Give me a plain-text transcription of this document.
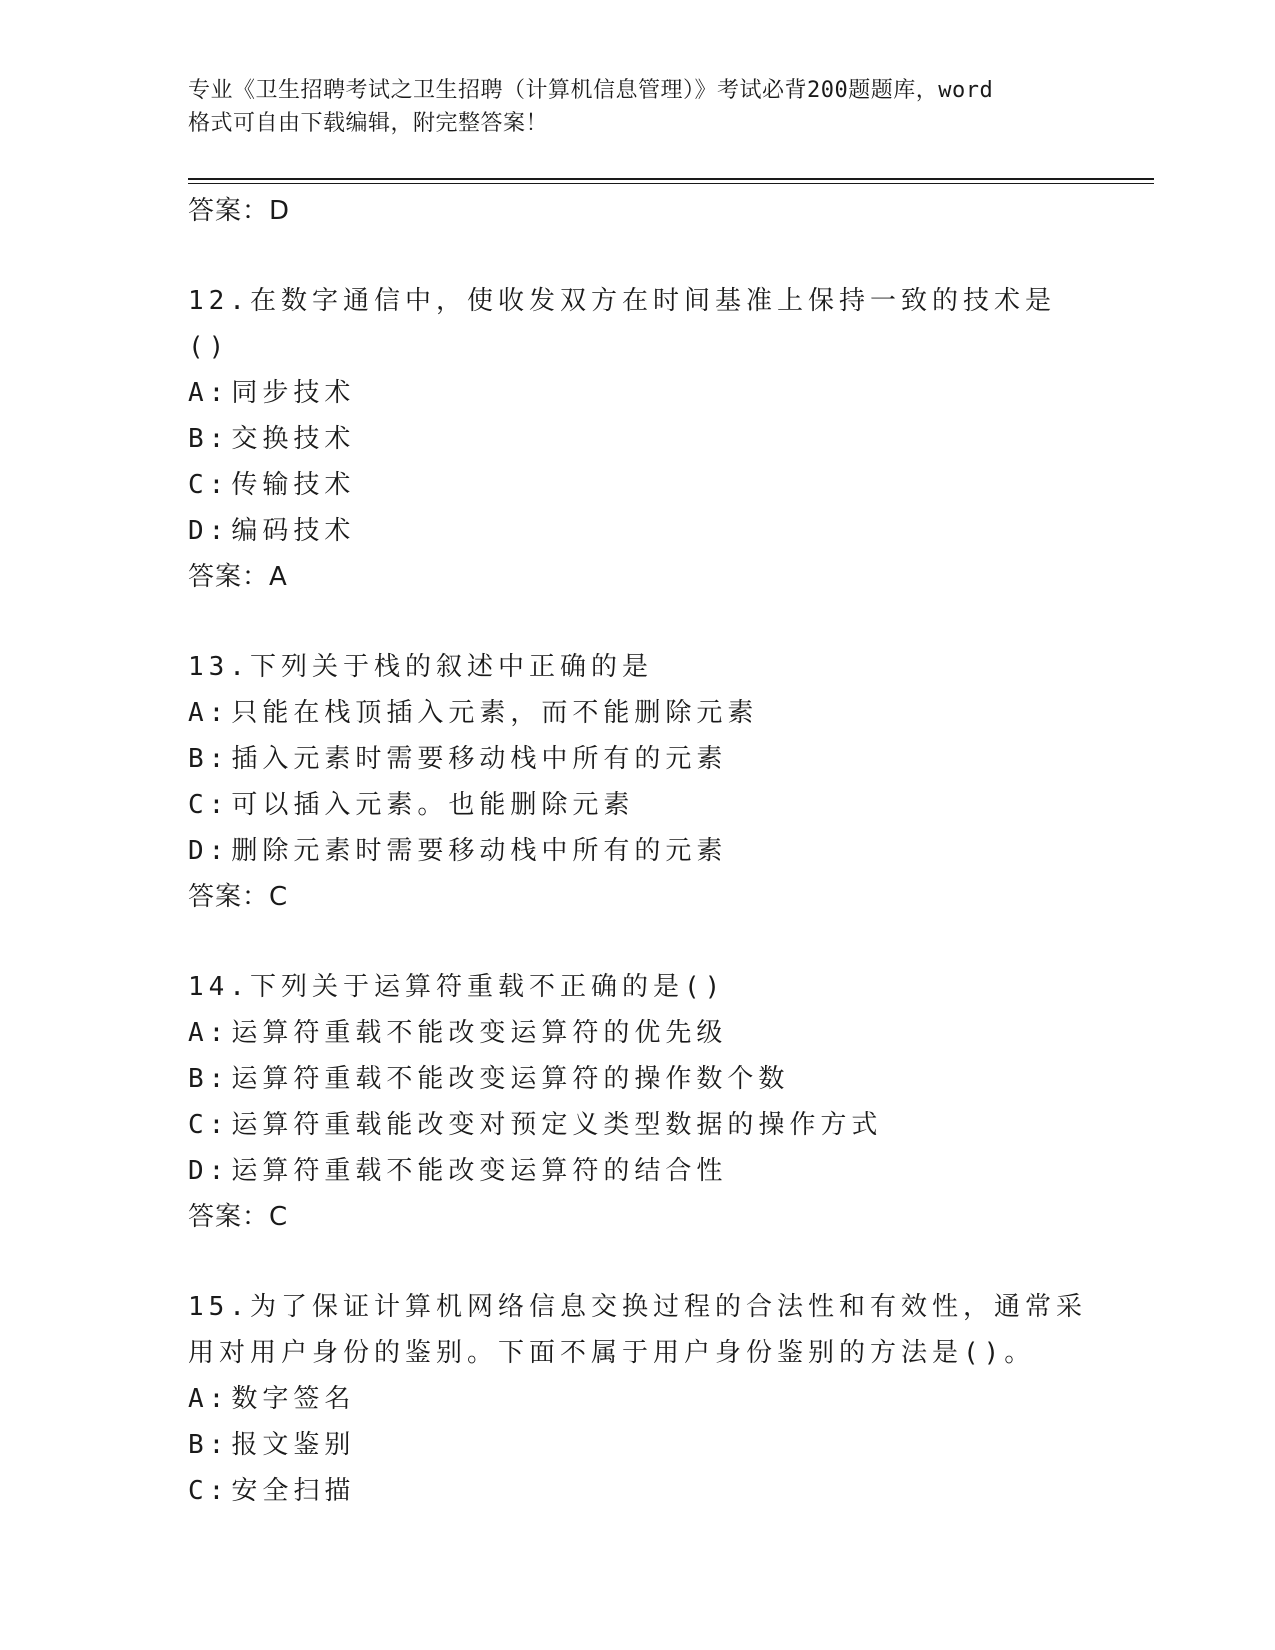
专业《卫生招聘考试之卫生招聘（计算机信息管理）》考试必背200题题库，word
格式可自由下载编辑，附完整答案！
答案：D
12.在数字通信中，使收发双方在时间基准上保持一致的技术是()
A:同步技术
B:交换技术
C:传输技术
D:编码技术
答案：A
13.下列关于栈的叙述中正确的是
A:只能在栈顶插入元素，而不能删除元素
B:插入元素时需要移动栈中所有的元素
C:可以插入元素。也能删除元素
D:删除元素时需要移动栈中所有的元素
答案：C
14.下列关于运算符重载不正确的是()
A:运算符重载不能改变运算符的优先级
B:运算符重载不能改变运算符的操作数个数
C:运算符重载能改变对预定义类型数据的操作方式
D:运算符重载不能改变运算符的结合性
答案：C
15.为了保证计算机网络信息交换过程的合法性和有效性，通常采用对用户身份的鉴别。下面不属于用户身份鉴别的方法是()。
A:数字签名
B:报文鉴别
C:安全扫描
